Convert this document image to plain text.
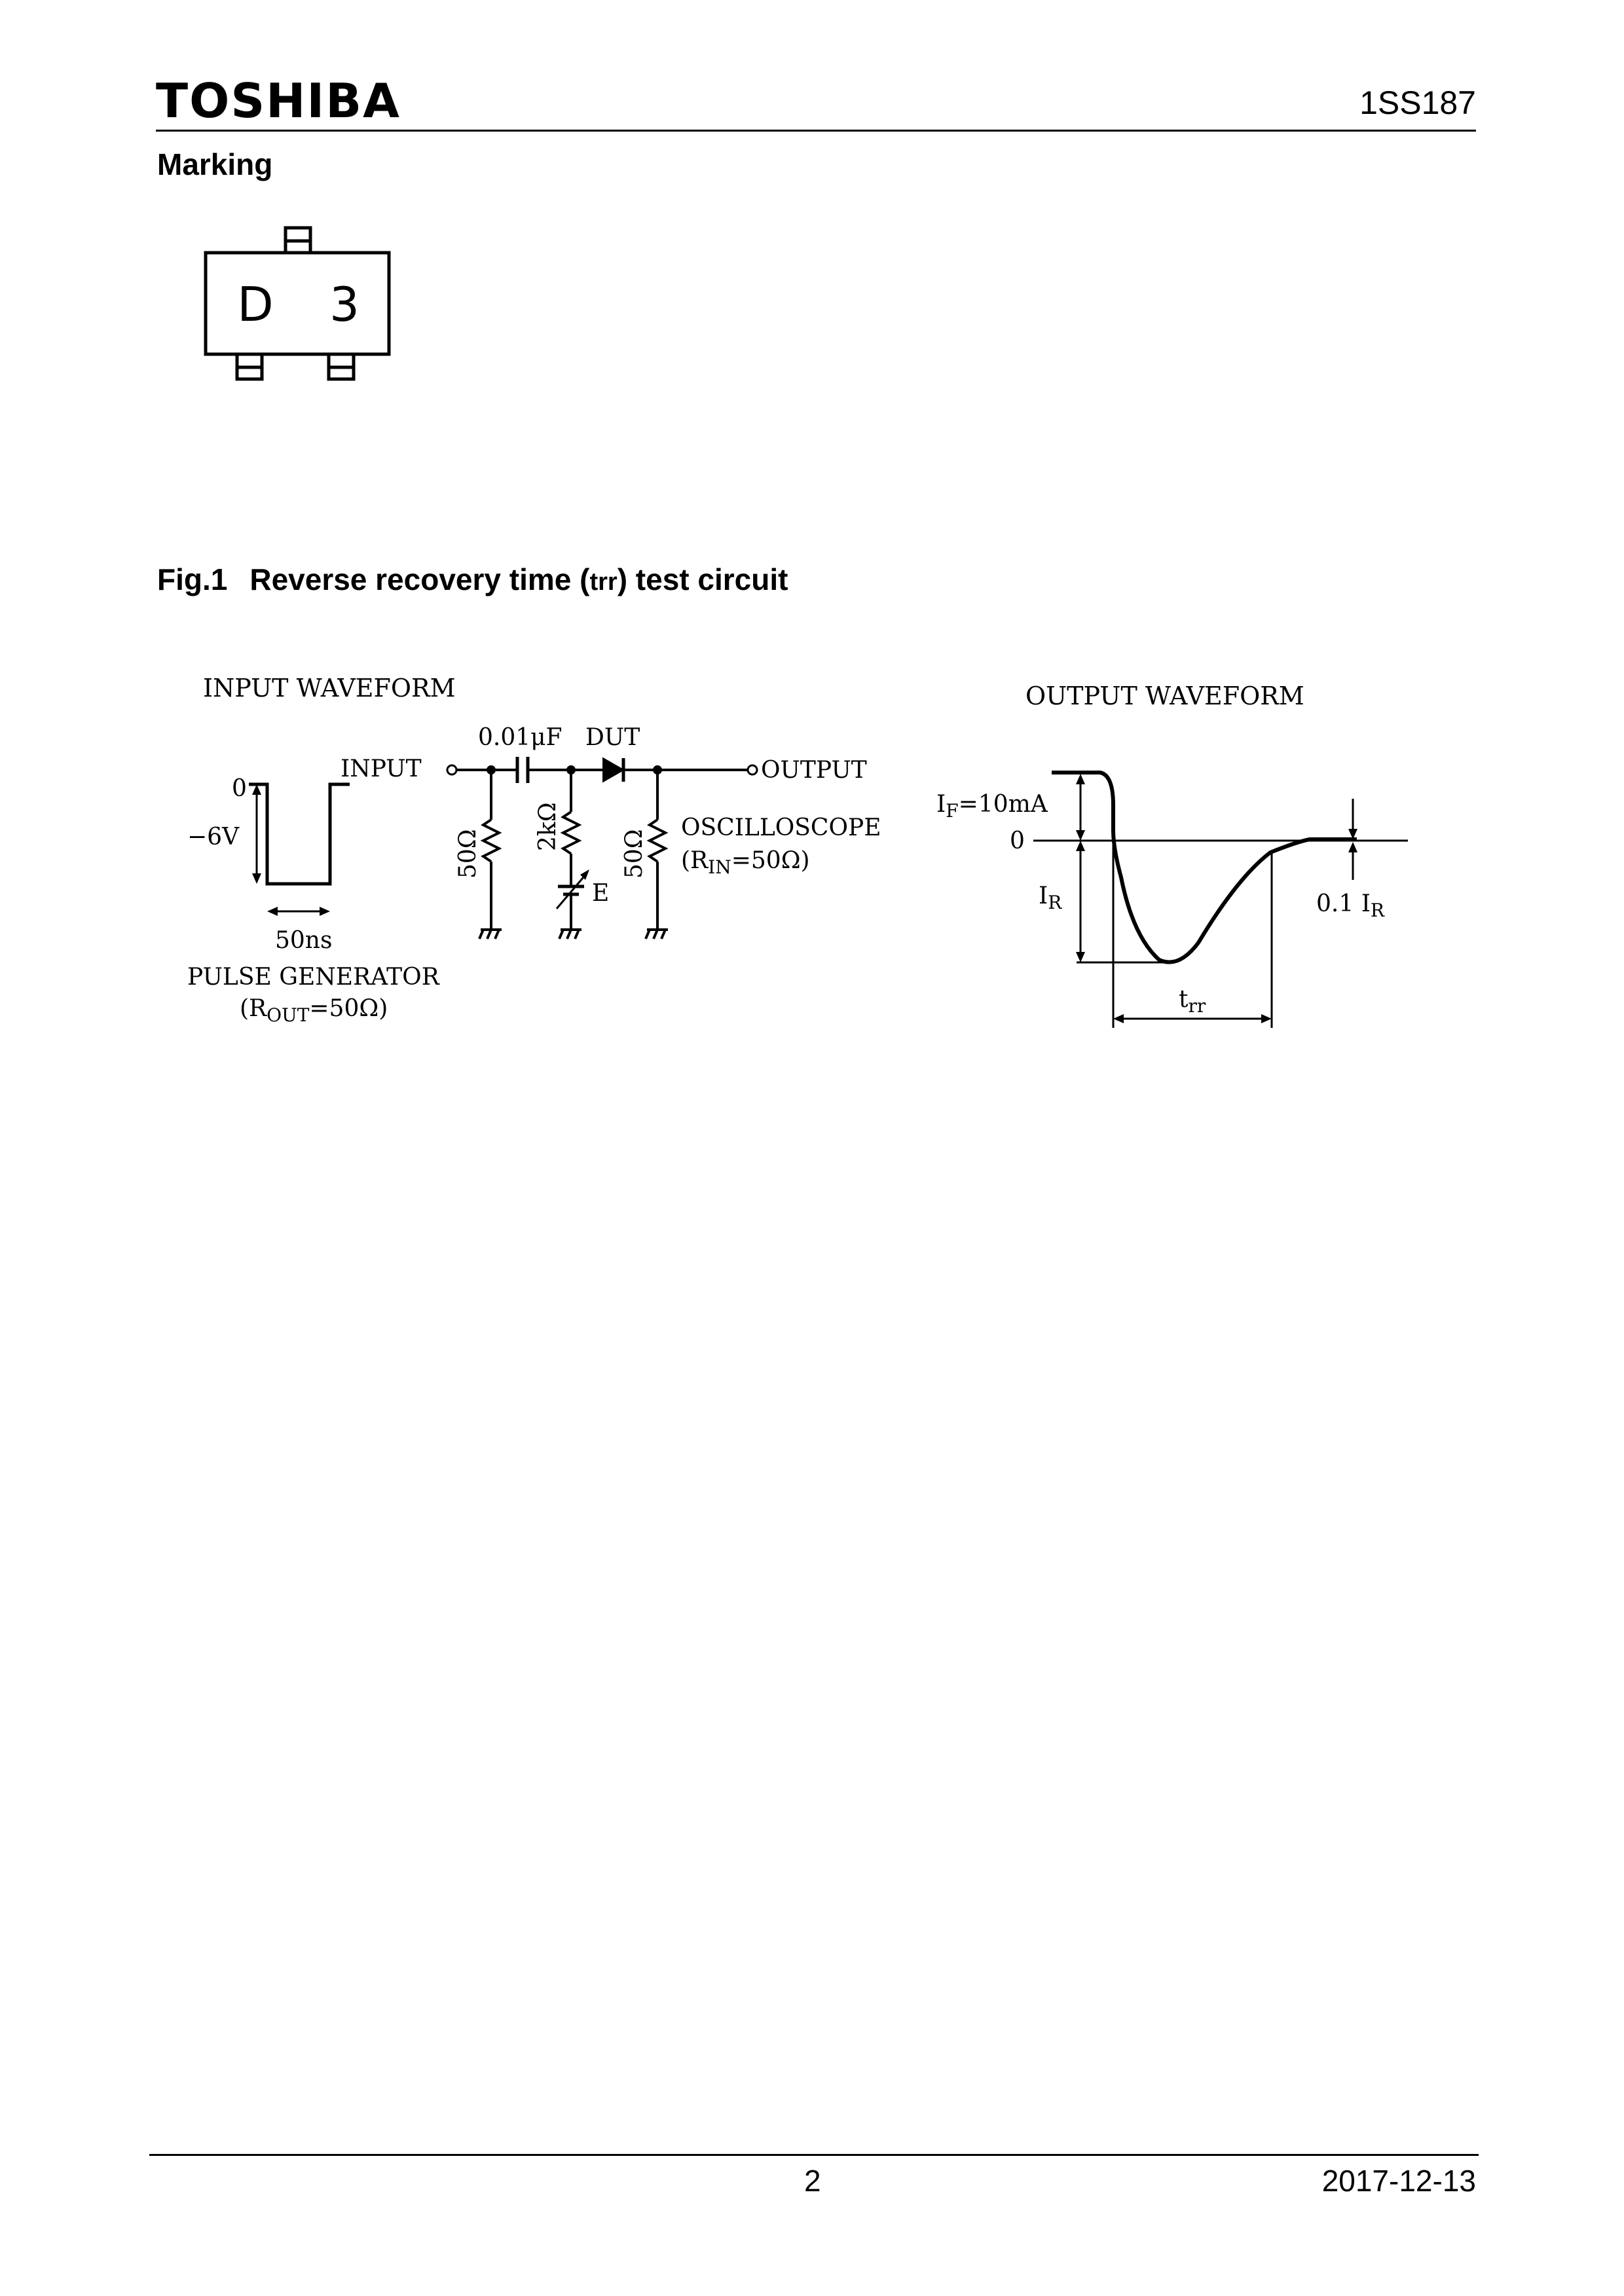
TOSHIBA	1SS187
Marking
D 3
INPUT WAVEFORM	OUTPUT WAVEFORM
0
−6V
50ns
PULSE GENERATOR
$(R_{OUT}=50\Omega)$
INPUT
0.01μF DUT
OUTPUT
50Ω
2kΩ
50Ω
E
OSCILLOSCOPE
$(R_{IN}=50\Omega)$
$I_F=10mA$
0
$I_R$	0.1 $I_R$
$t_{rr}$
Fig.1 Reverse recovery time (trr) test circuit
2	2017-12-13
